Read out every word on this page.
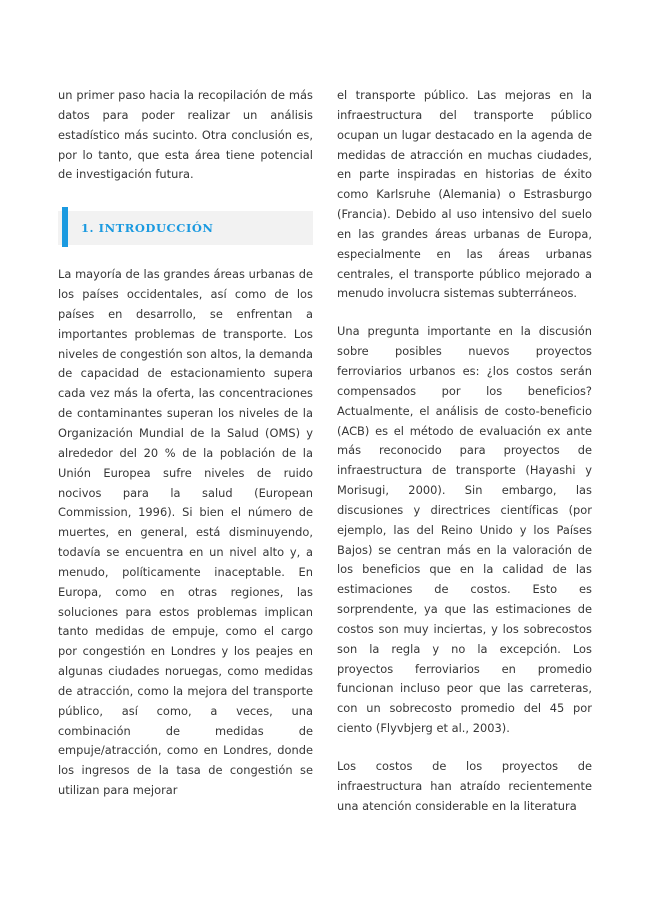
un primer paso hacia la recopilación de más datos para poder realizar un análisis estadístico más sucinto. Otra conclusión es, por lo tanto, que esta área tiene potencial de investigación futura.

1. INTRODUCCIÓN

La mayoría de las grandes áreas urbanas de los países occidentales, así como de los países en desarrollo, se enfrentan a importantes problemas de transporte. Los niveles de congestión son altos, la demanda de capacidad de estacionamiento supera cada vez más la oferta, las concentraciones de contaminantes superan los niveles de la Organización Mundial de la Salud (OMS) y alrededor del 20 % de la población de la Unión Europea sufre niveles de ruido nocivos para la salud (European Commission, 1996). Si bien el número de muertes, en general, está disminuyendo, todavía se encuentra en un nivel alto y, a menudo, políticamente inaceptable. En Europa, como en otras regiones, las soluciones para estos problemas implican tanto medidas de empuje, como el cargo por congestión en Londres y los peajes en algunas ciudades noruegas, como medidas de atracción, como la mejora del transporte público, así como, a veces, una combinación de medidas de empuje/atracción, como en Londres, donde los ingresos de la tasa de congestión se utilizan para mejorar

el transporte público. Las mejoras en la infraestructura del transporte público ocupan un lugar destacado en la agenda de medidas de atracción en muchas ciudades, en parte inspiradas en historias de éxito como Karlsruhe (Alemania) o Estrasburgo (Francia). Debido al uso intensivo del suelo en las grandes áreas urbanas de Europa, especialmente en las áreas urbanas centrales, el transporte público mejorado a menudo involucra sistemas subterráneos.

Una pregunta importante en la discusión sobre posibles nuevos proyectos ferroviarios urbanos es: ¿los costos serán compensados por los beneficios? Actualmente, el análisis de costo-beneficio (ACB) es el método de evaluación ex ante más reconocido para proyectos de infraestructura de transporte (Hayashi y Morisugi, 2000). Sin embargo, las discusiones y directrices científicas (por ejemplo, las del Reino Unido y los Países Bajos) se centran más en la valoración de los beneficios que en la calidad de las estimaciones de costos. Esto es sorprendente, ya que las estimaciones de costos son muy inciertas, y los sobrecostos son la regla y no la excepción. Los proyectos ferroviarios en promedio funcionan incluso peor que las carreteras, con un sobrecosto promedio del 45 por ciento (Flyvbjerg et al., 2003).

Los costos de los proyectos de infraestructura han atraído recientemente una atención considerable en la literatura
